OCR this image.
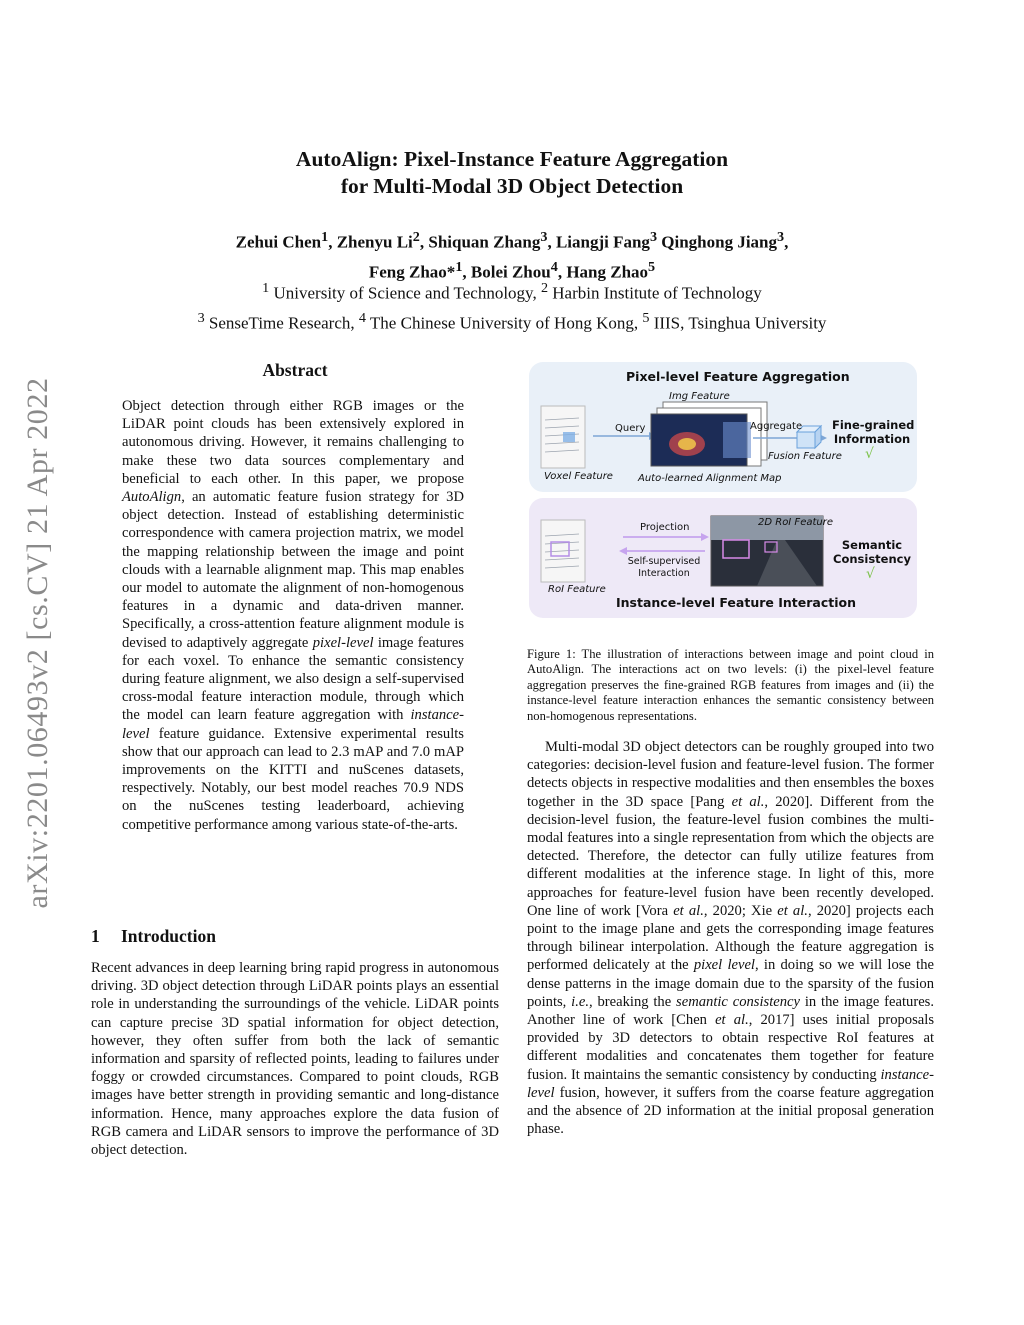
AutoAlign: Pixel-Instance Feature Aggregation
for Multi-Modal 3D Object Detection
Zehui Chen$^1$, Zhenyu Li$^2$, Shiquan Zhang$^3$, Liangji Fang$^3$ Qinghong Jiang$^3$,
Feng Zhao*$^1$, Bolei Zhou$^4$, Hang Zhao$^5$
$^1$ University of Science and Technology, $^2$ Harbin Institute of Technology
$^3$ SenseTime Research, $^4$ The Chinese University of Hong Kong, $^5$ IIIS, Tsinghua University
arXiv:2201.06493v2 [cs.CV] 21 Apr 2022
Abstract

Object detection through either RGB images or the LiDAR point clouds has been extensively explored in autonomous driving. However, it remains challenging to make these two data sources complementary and beneficial to each other. In this paper, we propose AutoAlign, an automatic feature fusion strategy for 3D object detection. Instead of establishing deterministic correspondence with camera projection matrix, we model the mapping relationship between the image and point clouds with a learnable alignment map. This map enables our model to automate the alignment of non-homogenous features in a dynamic and data-driven manner. Specifically, a cross-attention feature alignment module is devised to adaptively aggregate pixel-level image features for each voxel. To enhance the semantic consistency during feature alignment, we also design a self-supervised cross-modal feature interaction module, through which the model can learn feature aggregation with instance-level feature guidance. Extensive experimental results show that our approach can lead to 2.3 mAP and 7.0 mAP improvements on the KITTI and nuScenes datasets, respectively. Notably, our best model reaches 70.9 NDS on the nuScenes testing leaderboard, achieving competitive performance among various state-of-the-arts.

1 Introduction

Recent advances in deep learning bring rapid progress in autonomous driving. 3D object detection through LiDAR points plays an essential role in understanding the surroundings of the vehicle. LiDAR points can capture precise 3D spatial information for object detection, however, they often suffer from both the lack of semantic information and sparsity of reflected points, leading to failures under foggy or crowded circumstances. Compared to point clouds, RGB images have better strength in providing semantic and long-distance information. Hence, many approaches explore the data fusion of RGB camera and LiDAR sensors to improve the performance of 3D object detection.

Pixel-level Feature Aggregation
Img Feature
Query	Aggregate	Fine-grained
Information
Fusion Feature √
Voxel Feature	Auto-learned Alignment Map
Projection
Self-supervised
Interaction
2D RoI Feature
Semantic
Consistency
√
RoI Feature
Instance-level Feature Interaction

Figure 1: The illustration of interactions between image and point cloud in AutoAlign. The interactions act on two levels: (i) the pixel-level feature aggregation preserves the fine-grained RGB features from images and (ii) the instance-level feature interaction enhances the semantic consistency between non-homogenous representations.

Multi-modal 3D object detectors can be roughly grouped into two categories: decision-level fusion and feature-level fusion. The former detects objects in respective modalities and then ensembles the boxes together in the 3D space [Pang et al., 2020]. Different from the decision-level fusion, the feature-level fusion combines the multi-modal features into a single representation from which the objects are detected. Therefore, the detector can fully utilize features from different modalities at the inference stage. In light of this, more approaches for feature-level fusion have been recently developed. One line of work [Vora et al., 2020; Xie et al., 2020] projects each point to the image plane and gets the corresponding image features through bilinear interpolation. Although the feature aggregation is performed delicately at the pixel level, in doing so we will lose the dense patterns in the image domain due to the sparsity of the fusion points, i.e., breaking the semantic consistency in the image features. Another line of work [Chen et al., 2017] uses initial proposals provided by 3D detectors to obtain respective RoI features at different modalities and concatenates them together for feature fusion. It maintains the semantic consistency by conducting instance-level fusion, however, it suffers from the coarse feature aggregation and the absence of 2D information at the initial proposal generation phase.
